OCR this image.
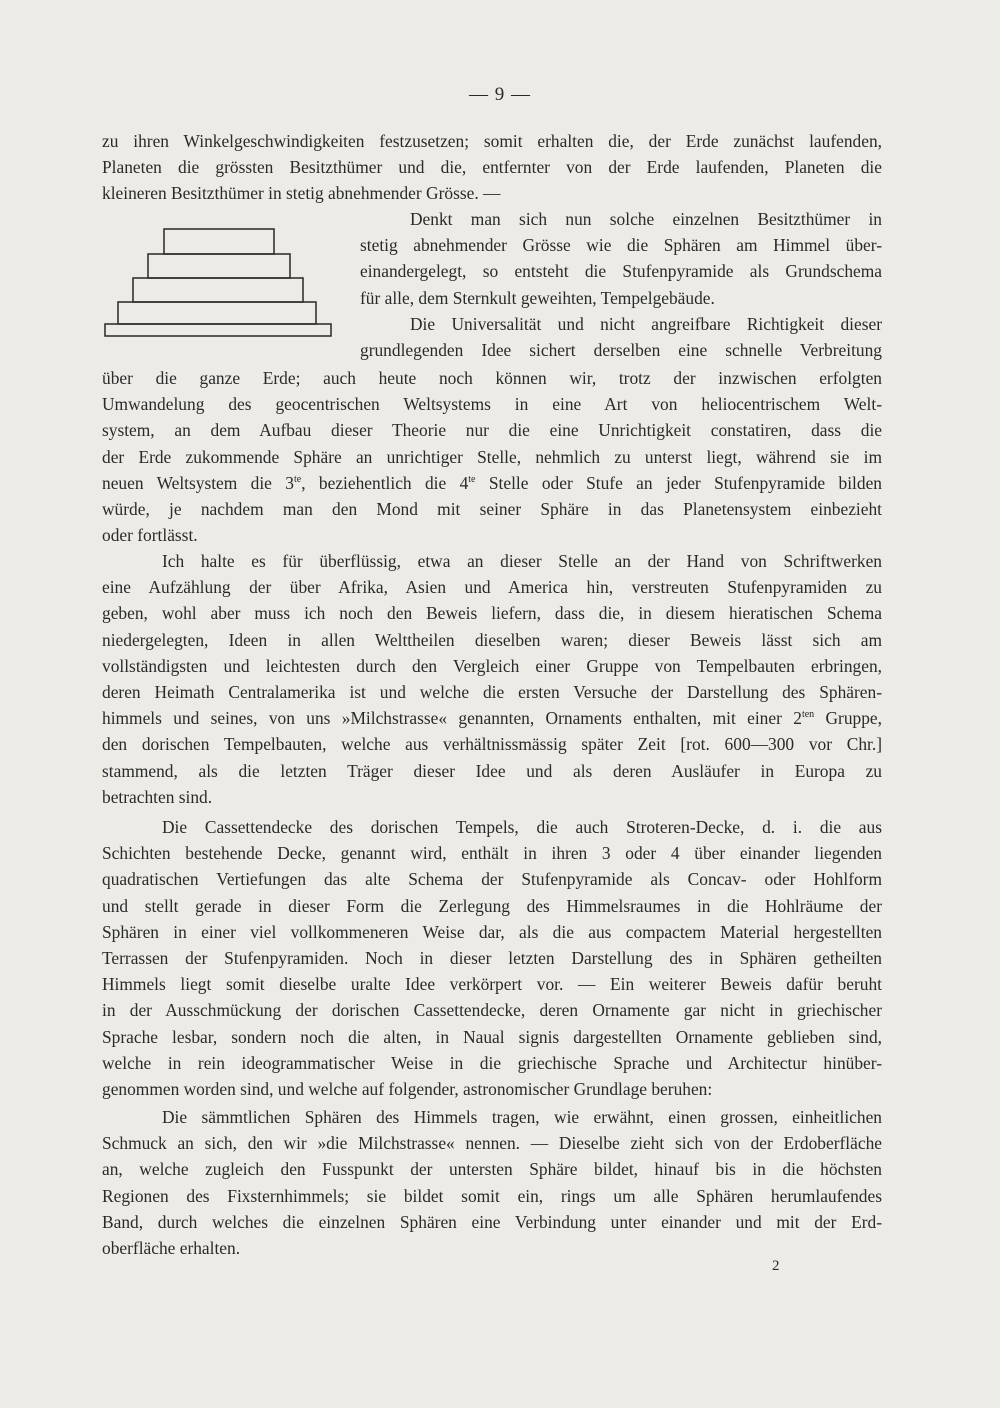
— 9 —
zu ihren Winkelgeschwindigkeiten festzusetzen; somit erhalten die, der Erde zunächst laufenden,
Planeten die grössten Besitzthümer und die, entfernter von der Erde laufenden, Planeten die
kleineren Besitzthümer in stetig abnehmender Grösse. —
Denkt man sich nun solche einzelnen Besitzthümer in
stetig abnehmender Grösse wie die Sphären am Himmel über-
einandergelegt, so entsteht die Stufenpyramide als Grundschema
für alle, dem Sternkult geweihten, Tempelgebäude.
Die Universalität und nicht angreifbare Richtigkeit dieser
grundlegenden Idee sichert derselben eine schnelle Verbreitung
über die ganze Erde; auch heute noch können wir, trotz der inzwischen erfolgten
Umwandelung des geocentrischen Weltsystems in eine Art von heliocentrischem Welt-
system, an dem Aufbau dieser Theorie nur die eine Unrichtigkeit constatiren, dass die
der Erde zukommende Sphäre an unrichtiger Stelle, nehmlich zu unterst liegt, während sie im
neuen Weltsystem die $3^{te}$, beziehentlich die $4^{te}$ Stelle oder Stufe an jeder Stufenpyramide bilden
würde, je nachdem man den Mond mit seiner Sphäre in das Planetensystem einbezieht
oder fortlässt.
Ich halte es für überflüssig, etwa an dieser Stelle an der Hand von Schriftwerken
eine Aufzählung der über Afrika, Asien und America hin, verstreuten Stufenpyramiden zu
geben, wohl aber muss ich noch den Beweis liefern, dass die, in diesem hieratischen Schema
niedergelegten, Ideen in allen Welttheilen dieselben waren; dieser Beweis lässt sich am
vollständigsten und leichtesten durch den Vergleich einer Gruppe von Tempelbauten erbringen,
deren Heimath Centralamerika ist und welche die ersten Versuche der Darstellung des Sphären-
himmels und seines, von uns »Milchstrasse« genannten, Ornaments enthalten, mit einer $2^{ten}$ Gruppe,
den dorischen Tempelbauten, welche aus verhältnissmässig später Zeit [rot. 600—300 vor Chr.]
stammend, als die letzten Träger dieser Idee und als deren Ausläufer in Europa zu
betrachten sind.
Die Cassettendecke des dorischen Tempels, die auch Stroteren-Decke, d. i. die aus
Schichten bestehende Decke, genannt wird, enthält in ihren 3 oder 4 über einander liegenden
quadratischen Vertiefungen das alte Schema der Stufenpyramide als Concav- oder Hohlform
und stellt gerade in dieser Form die Zerlegung des Himmelsraumes in die Hohlräume der
Sphären in einer viel vollkommeneren Weise dar, als die aus compactem Material hergestellten
Terrassen der Stufenpyramiden. Noch in dieser letzten Darstellung des in Sphären getheilten
Himmels liegt somit dieselbe uralte Idee verkörpert vor. — Ein weiterer Beweis dafür beruht
in der Ausschmückung der dorischen Cassettendecke, deren Ornamente gar nicht in griechischer
Sprache lesbar, sondern noch die alten, in Naual signis dargestellten Ornamente geblieben sind,
welche in rein ideogrammatischer Weise in die griechische Sprache und Architectur hinüber-
genommen worden sind, und welche auf folgender, astronomischer Grundlage beruhen:
Die sämmtlichen Sphären des Himmels tragen, wie erwähnt, einen grossen, einheitlichen
Schmuck an sich, den wir »die Milchstrasse« nennen. — Dieselbe zieht sich von der Erdoberfläche
an, welche zugleich den Fusspunkt der untersten Sphäre bildet, hinauf bis in die höchsten
Regionen des Fixsternhimmels; sie bildet somit ein, rings um alle Sphären herumlaufendes
Band, durch welches die einzelnen Sphären eine Verbindung unter einander und mit der Erd-
oberfläche erhalten.
2
